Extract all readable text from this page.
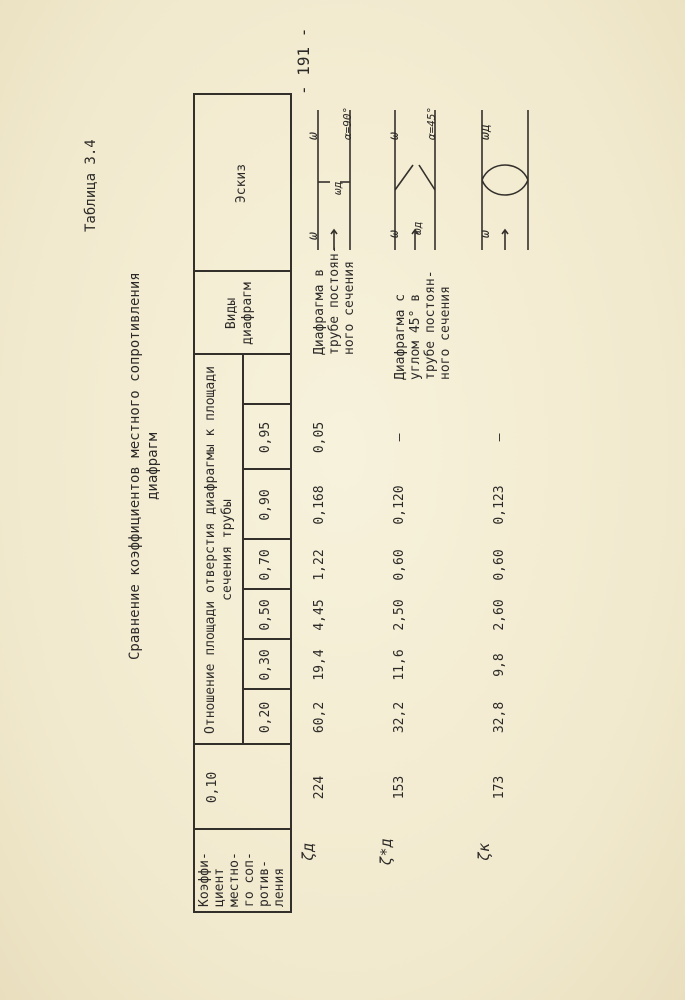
- 191 -
Таблица 3.4
Сравнение коэффициентов местного сопротивления диафрагм
Коэффи- циент местно- го соп- ротив- ления
Отношение площади отверстия диафрагмы к площади сечения трубы
0,10
0,20
0,30
0,50
0,70
0,90
0,95
Виды диафрагм
Эскиз
ζд
224
60,2
19,4
4,45
1,22
0,168
0,05
Диафрагма в трубе постоян- ного сечения
ζ*д
153
32,2
11,6
2,50
0,60
0,120
–
Диафрагма с углом 45° в трубе постоян- ного сечения
ζк
173
32,8
9,8
2,60
0,60
0,123
–
ω
ω
ωд
α=90°
ω
ω
ωд
α=45°
ω
ωд
